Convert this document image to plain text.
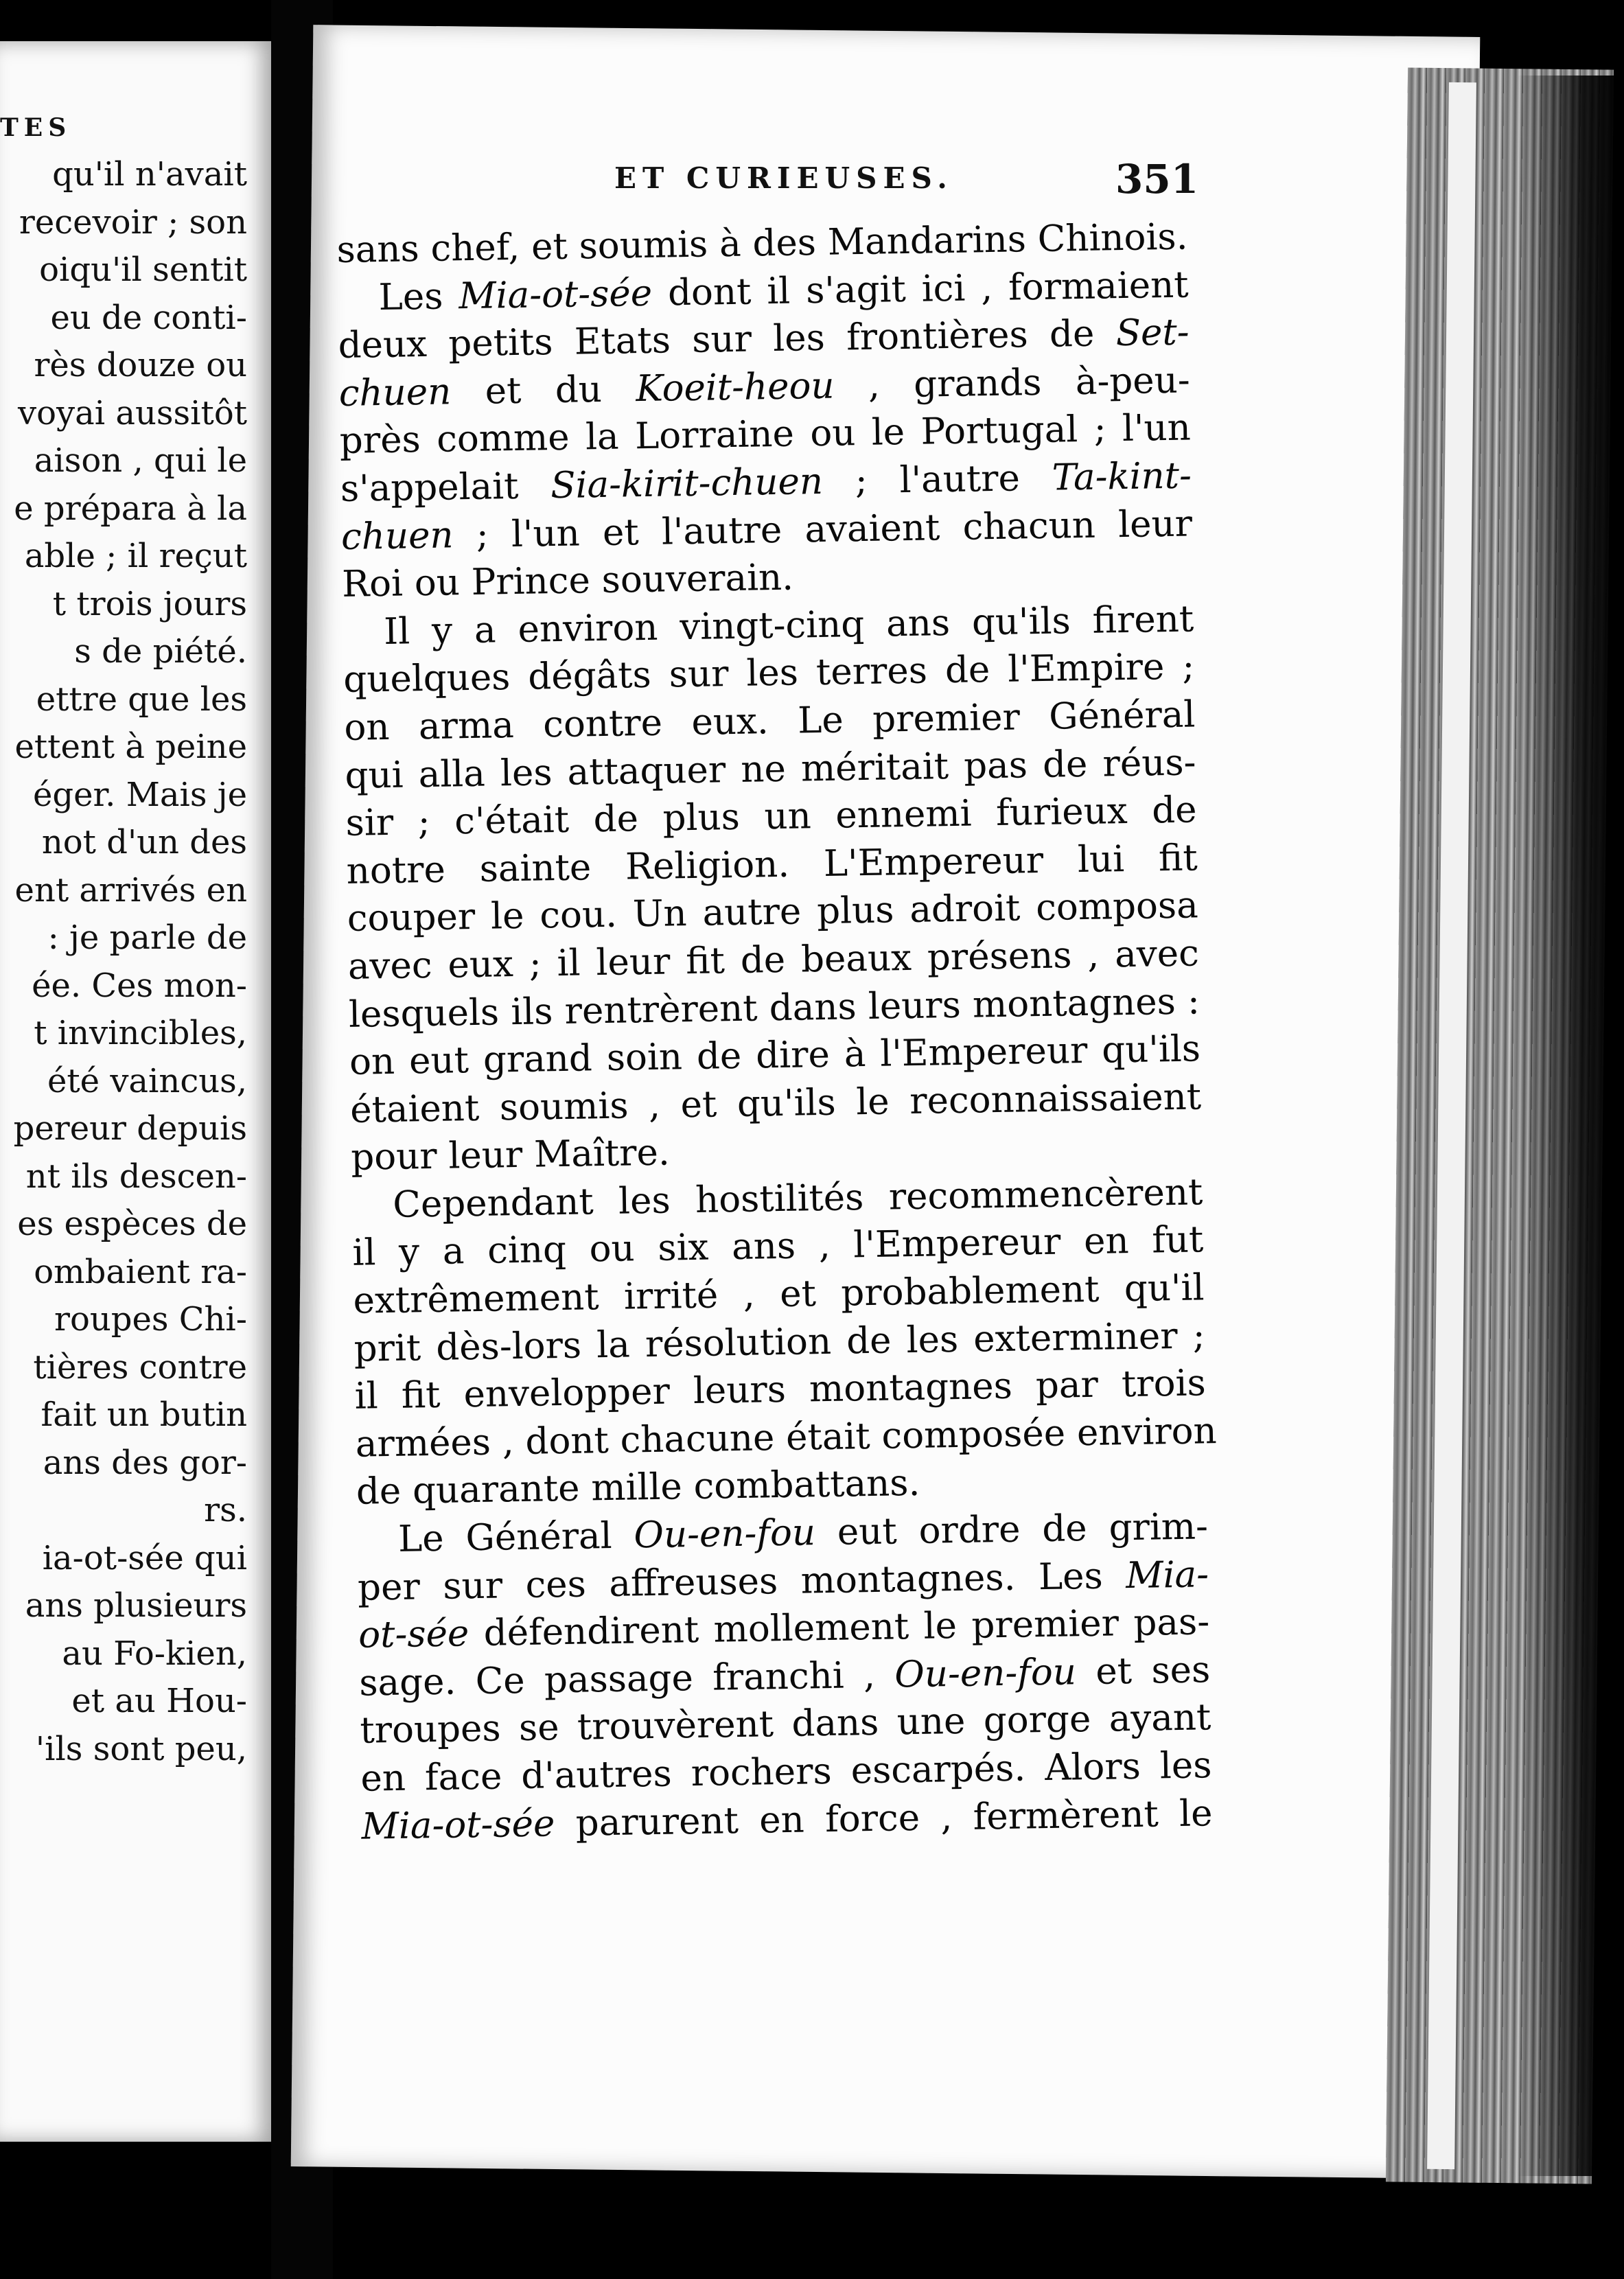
TES
qu'il n'avait
recevoir ; son
oiqu'il sentit
eu de conti-
rès douze ou
voyai aussitôt
aison , qui le
e prépara à la
able ; il reçut
t trois jours
s de piété.
ettre que les
ettent à peine
éger. Mais je
not d'un des
ent arrivés en
: je parle de
ée. Ces mon-
t invincibles,
été vaincus,
pereur depuis
nt ils descen-
es espèces de
ombaient ra-
roupes Chi-
tières contre
fait un butin
ans des gor-
rs.
ia-ot-sée qui
ans plusieurs
au Fo-kien,
et au Hou-
'ils sont peu,
ET CURIEUSES.	351
sans chef, et soumis à des Mandarins Chinois.
Les Mia-ot-sée dont il s'agit ici , formaient
deux petits Etats sur les frontières de Set-
chuen et du Koeit-heou , grands à-peu-
près comme la Lorraine ou le Portugal ; l'un
s'appelait Sia-kirit-chuen ; l'autre Ta-kint-
chuen ; l'un et l'autre avaient chacun leur
Roi ou Prince souverain.
Il y a environ vingt-cinq ans qu'ils firent
quelques dégâts sur les terres de l'Empire ;
on arma contre eux. Le premier Général
qui alla les attaquer ne méritait pas de réus-
sir ; c'était de plus un ennemi furieux de
notre sainte Religion. L'Empereur lui fit
couper le cou. Un autre plus adroit composa
avec eux ; il leur fit de beaux présens , avec
lesquels ils rentrèrent dans leurs montagnes :
on eut grand soin de dire à l'Empereur qu'ils
étaient soumis , et qu'ils le reconnaissaient
pour leur Maître.
Cependant les hostilités recommencèrent
il y a cinq ou six ans , l'Empereur en fut
extrêmement irrité , et probablement qu'il
prit dès-lors la résolution de les exterminer ;
il fit envelopper leurs montagnes par trois
armées , dont chacune était composée environ
de quarante mille combattans.
Le Général Ou-en-fou eut ordre de grim-
per sur ces affreuses montagnes. Les Mia-
ot-sée défendirent mollement le premier pas-
sage. Ce passage franchi , Ou-en-fou et ses
troupes se trouvèrent dans une gorge ayant
en face d'autres rochers escarpés. Alors les
Mia-ot-sée parurent en force , fermèrent le
